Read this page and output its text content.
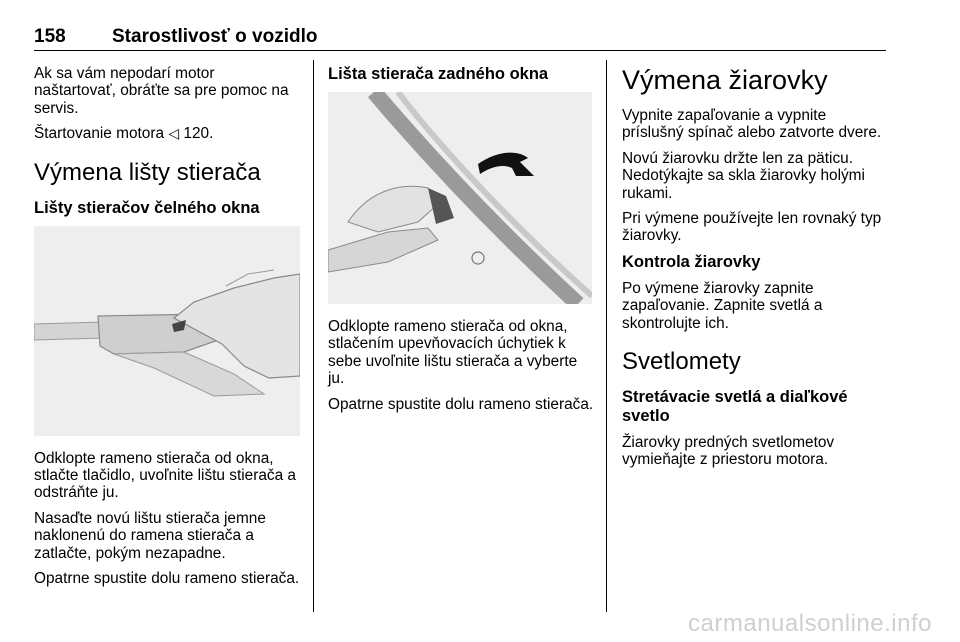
158 Starostlivosť o vozidlo

Ak sa vám nepodarí motor naštartovať, obráťte sa pre pomoc na servis.

Štartovanie motora ◁ 120.

Výmena lišty stierača
Lišty stieračov čelného okna

Odklopte rameno stierača od okna, stlačte tlačidlo, uvoľnite lištu stierača a odstráňte ju.

Nasaďte novú lištu stierača jemne naklonenú do ramena stierača a zatlačte, pokým nezapadne.

Opatrne spustite dolu rameno stierača.

Lišta stierača zadného okna

Odklopte rameno stierača od okna, stlačením upevňovacích úchytiek k sebe uvoľnite lištu stierača a vyberte ju.

Opatrne spustite dolu rameno stierača.

Výmena žiarovky

Vypnite zapaľovanie a vypnite príslušný spínač alebo zatvorte dvere.

Novú žiarovku držte len za päticu. Nedotýkajte sa skla žiarovky holými rukami.

Pri výmene používejte len rovnaký typ žiarovky.

Kontrola žiarovky

Po výmene žiarovky zapnite zapaľovanie. Zapnite svetlá a skontrolujte ich.

Svetlomety
Stretávacie svetlá a diaľkové svetlo

Žiarovky predných svetlometov vymieňajte z priestoru motora.

carmanualsonline.info
